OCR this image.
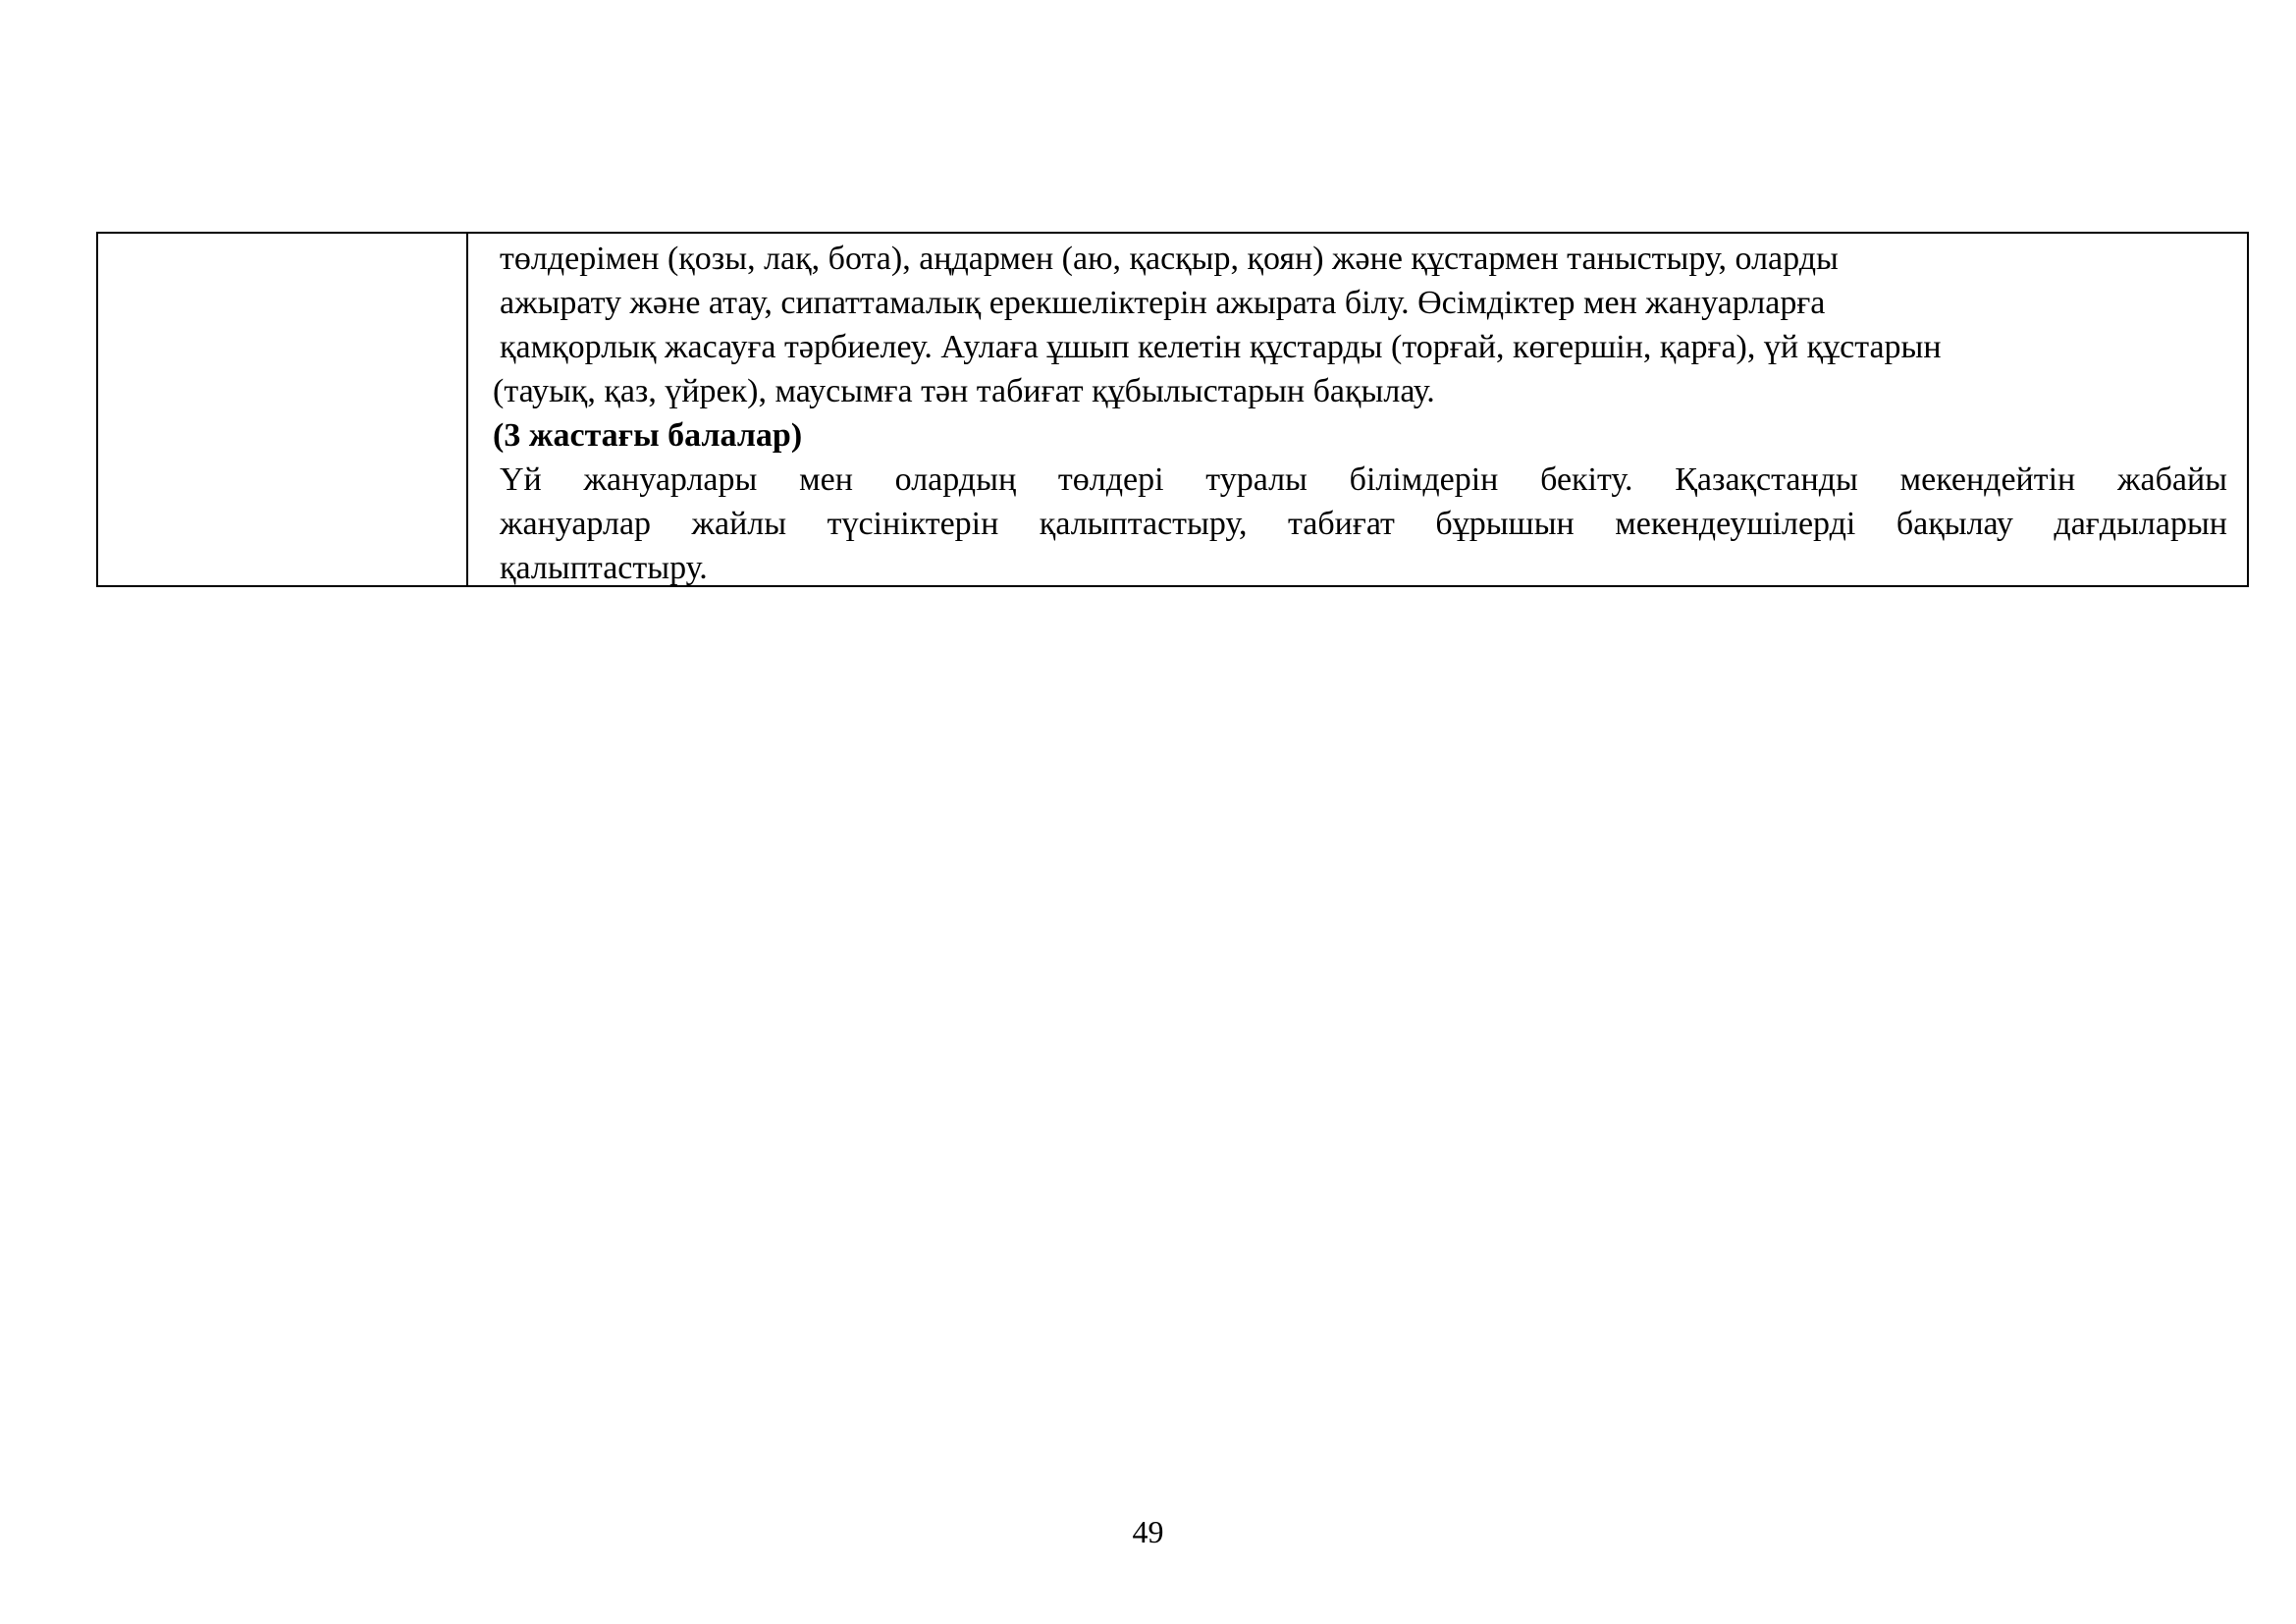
төлдерімен (қозы, лақ, бота), аңдармен (аю, қасқыр, қоян) және құстармен таныстыру, оларды
ажырату және атау, сипаттамалық ерекшеліктерін ажырата білу. Өсімдіктер мен жануарларға
қамқорлық жасауға тәрбиелеу. Аулаға ұшып келетін құстарды (торғай, көгершін, қарға), үй құстарын
(тауық, қаз, үйрек), маусымға тән табиғат құбылыстарын бақылау.
(3 жастағы балалар)
Үй жануарлары мен олардың төлдері туралы білімдерін бекіту. Қазақстанды мекендейтін жабайы
жануарлар жайлы түсініктерін қалыптастыру, табиғат бұрышын мекендеушілерді бақылау дағдыларын
қалыптастыру.
49
